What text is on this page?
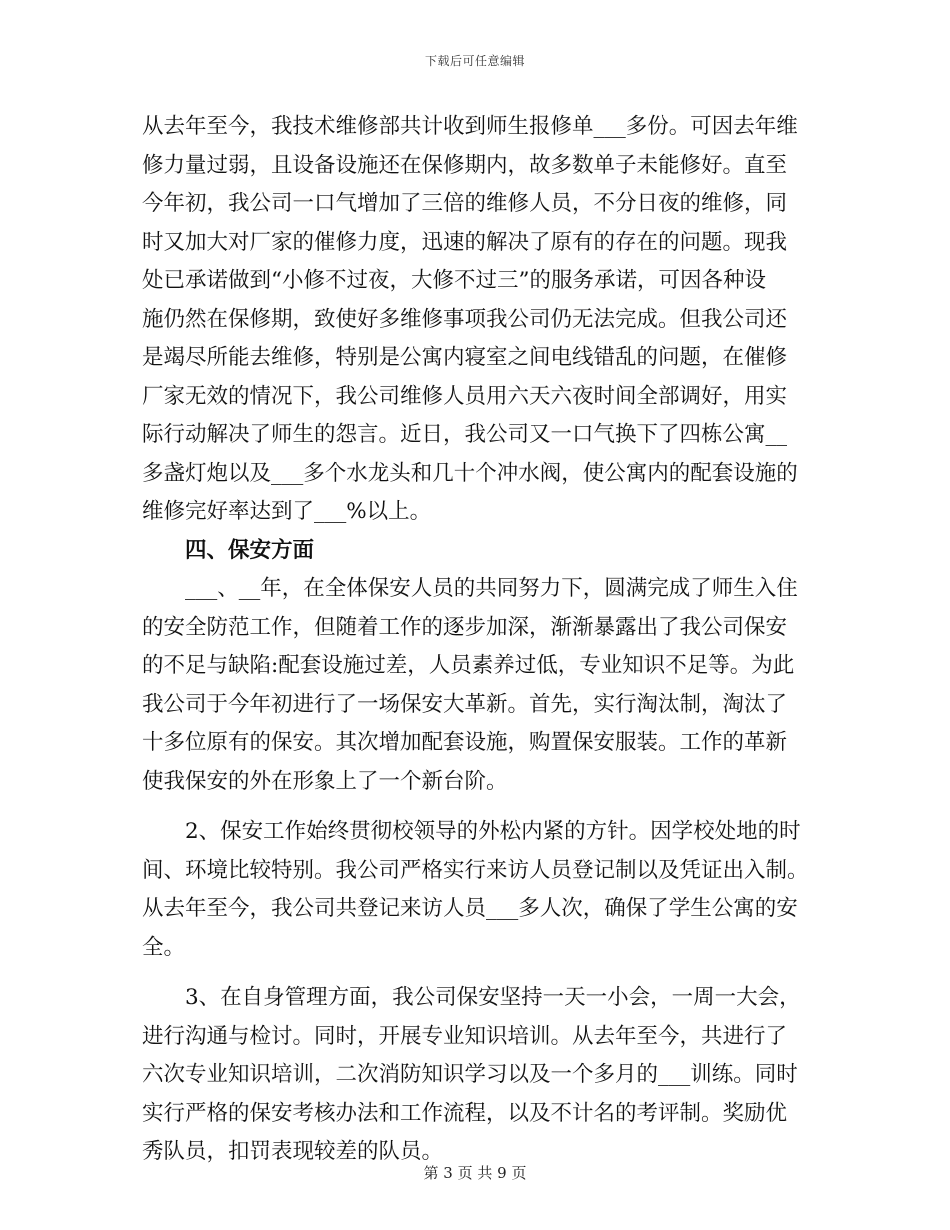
下载后可任意编辑
从去年至今，我技术维修部共计收到师生报修单___多份。可因去年维
修力量过弱，且设备设施还在保修期内，故多数单子未能修好。直至
今年初，我公司一口气增加了三倍的维修人员，不分日夜的维修，同
时又加大对厂家的催修力度，迅速的解决了原有的存在的问题。现我
处已承诺做到“小修不过夜，大修不过三”的服务承诺，可因各种设
施仍然在保修期，致使好多维修事项我公司仍无法完成。但我公司还
是竭尽所能去维修，特别是公寓内寝室之间电线错乱的问题，在催修
厂家无效的情况下，我公司维修人员用六天六夜时间全部调好，用实
际行动解决了师生的怨言。近日，我公司又一口气换下了四栋公寓__
多盏灯炮以及___多个水龙头和几十个冲水阀，使公寓内的配套设施的
维修完好率达到了___%以上。
四、保安方面
___、__年，在全体保安人员的共同努力下，圆满完成了师生入住
的安全防范工作，但随着工作的逐步加深，渐渐暴露出了我公司保安
的不足与缺陷:配套设施过差，人员素养过低，专业知识不足等。为此
我公司于今年初进行了一场保安大革新。首先，实行淘汰制，淘汰了
十多位原有的保安。其次增加配套设施，购置保安服装。工作的革新
使我保安的外在形象上了一个新台阶。
2、保安工作始终贯彻校领导的外松内紧的方针。因学校处地的时
间、环境比较特别。我公司严格实行来访人员登记制以及凭证出入制。
从去年至今，我公司共登记来访人员___多人次，确保了学生公寓的安
全。
3、在自身管理方面，我公司保安坚持一天一小会，一周一大会，
进行沟通与检讨。同时，开展专业知识培训。从去年至今，共进行了
六次专业知识培训，二次消防知识学习以及一个多月的___训练。同时
实行严格的保安考核办法和工作流程，以及不计名的考评制。奖励优
秀队员，扣罚表现较差的队员。
第 3 页 共 9 页
